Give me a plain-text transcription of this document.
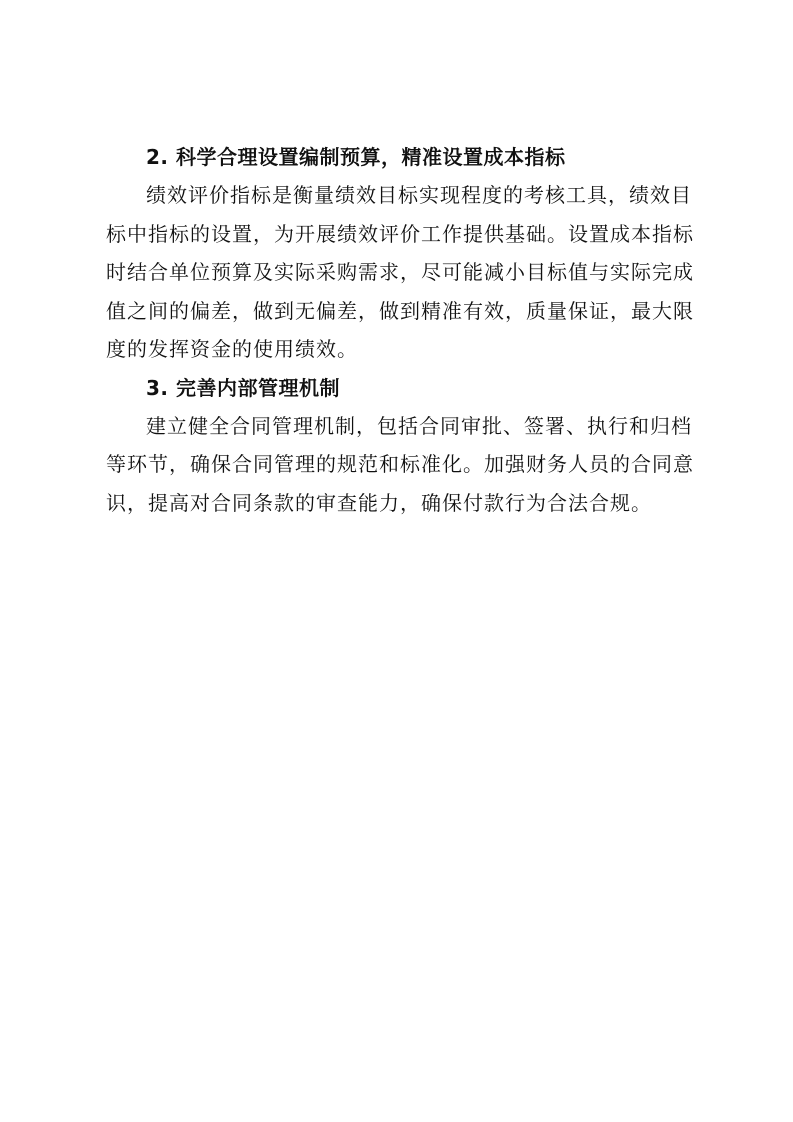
2. 科学合理设置编制预算，精准设置成本指标

绩效评价指标是衡量绩效目标实现程度的考核工具，绩效目
标中指标的设置，为开展绩效评价工作提供基础。设置成本指标
时结合单位预算及实际采购需求，尽可能减小目标值与实际完成
值之间的偏差，做到无偏差，做到精准有效，质量保证，最大限
度的发挥资金的使用绩效。

3. 完善内部管理机制

建立健全合同管理机制，包括合同审批、签署、执行和归档
等环节，确保合同管理的规范和标准化。加强财务人员的合同意
识，提高对合同条款的审查能力，确保付款行为合法合规。
